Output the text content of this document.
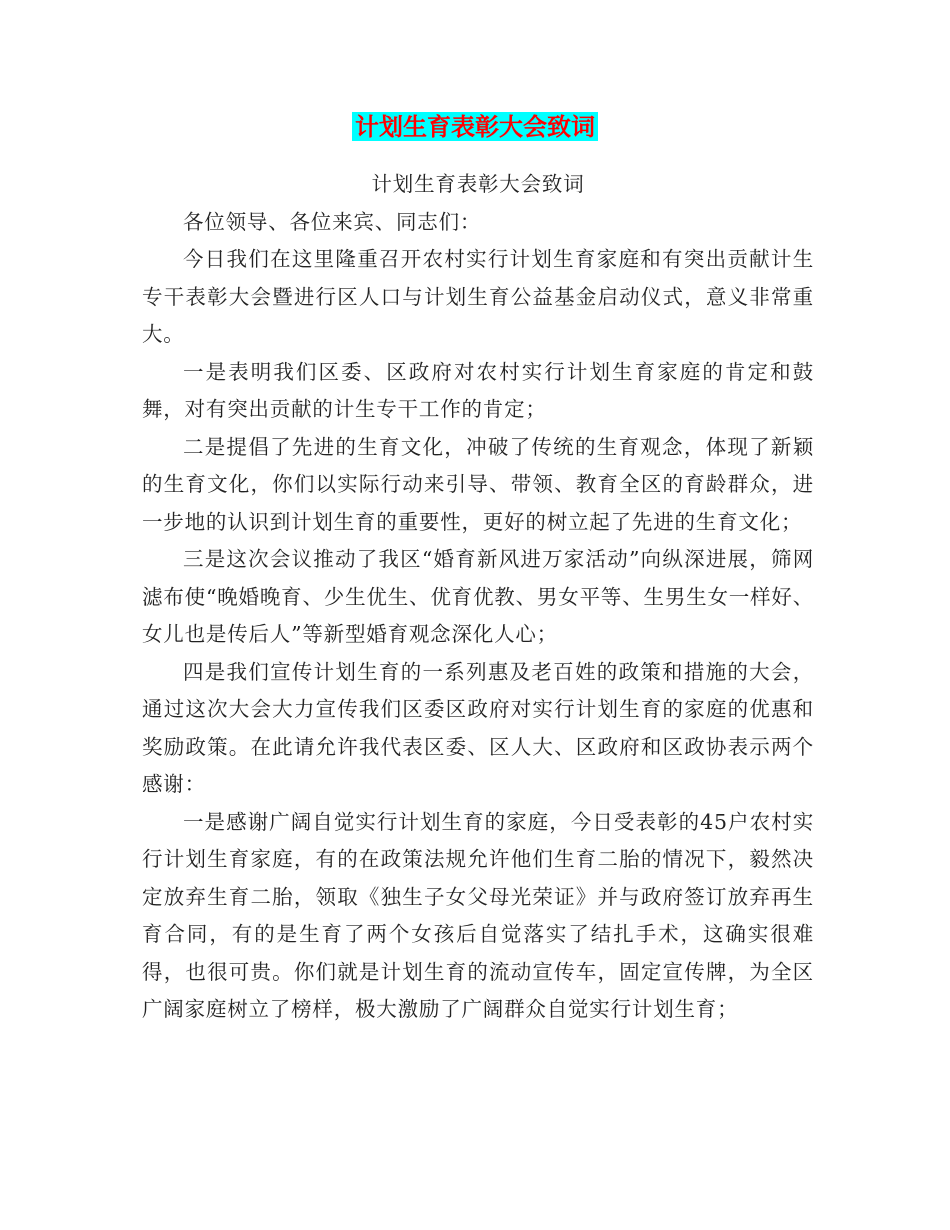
计划生育表彰大会致词

计划生育表彰大会致词

各位领导、各位来宾、同志们：

今日我们在这里隆重召开农村实行计划生育家庭和有突出贡献计生专干表彰大会暨进行区人口与计划生育公益基金启动仪式，意义非常重大。

一是表明我们区委、区政府对农村实行计划生育家庭的肯定和鼓舞，对有突出贡献的计生专干工作的肯定；

二是提倡了先进的生育文化，冲破了传统的生育观念，体现了新颖的生育文化，你们以实际行动来引导、带领、教育全区的育龄群众，进一步地的认识到计划生育的重要性，更好的树立起了先进的生育文化；

三是这次会议推动了我区“婚育新风进万家活动”向纵深进展，筛网滤布使“晚婚晚育、少生优生、优育优教、男女平等、生男生女一样好、女儿也是传后人”等新型婚育观念深化人心；

四是我们宣传计划生育的一系列惠及老百姓的政策和措施的大会，通过这次大会大力宣传我们区委区政府对实行计划生育的家庭的优惠和奖励政策。在此请允许我代表区委、区人大、区政府和区政协表示两个感谢：

一是感谢广阔自觉实行计划生育的家庭，今日受表彰的45户农村实行计划生育家庭，有的在政策法规允许他们生育二胎的情况下，毅然决定放弃生育二胎，领取《独生子女父母光荣证》并与政府签订放弃再生育合同，有的是生育了两个女孩后自觉落实了结扎手术，这确实很难得，也很可贵。你们就是计划生育的流动宣传车，固定宣传牌，为全区广阔家庭树立了榜样，极大激励了广阔群众自觉实行计划生育；
